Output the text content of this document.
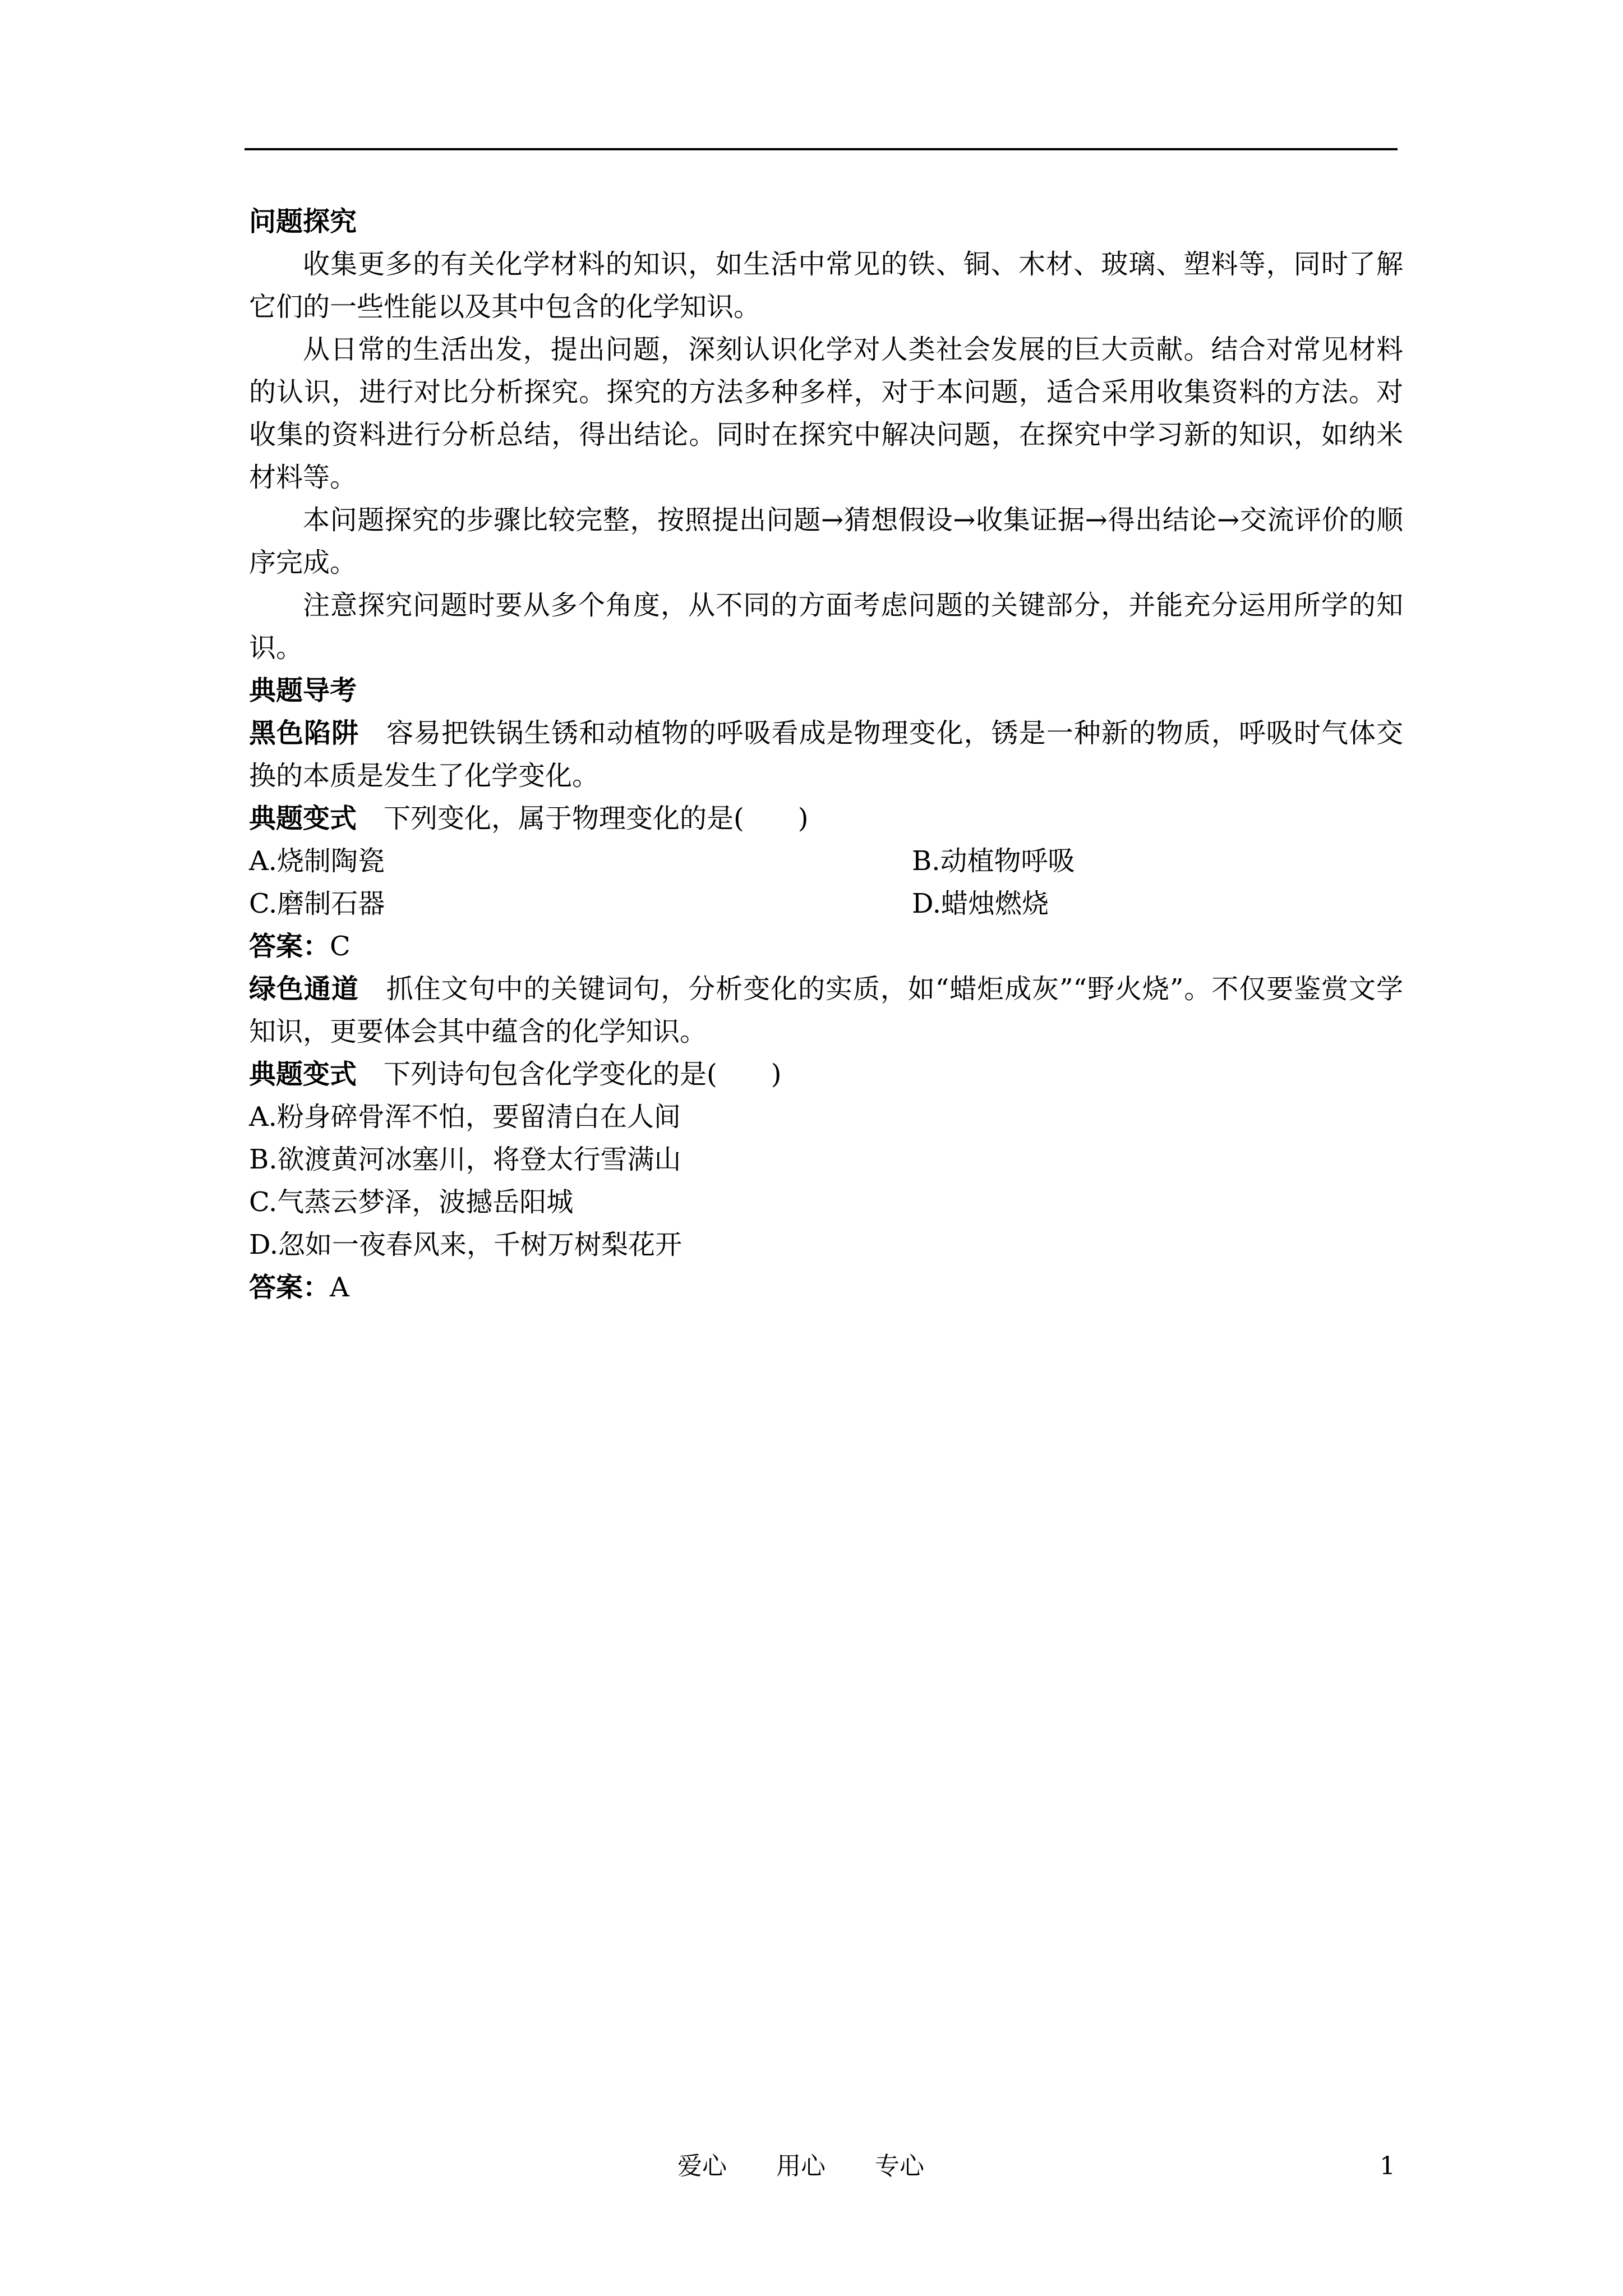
问题探究

收集更多的有关化学材料的知识，如生活中常见的铁、铜、木材、玻璃、塑料等，同时了解它们的一些性能以及其中包含的化学知识。

从日常的生活出发，提出问题，深刻认识化学对人类社会发展的巨大贡献。结合对常见材料的认识，进行对比分析探究。探究的方法多种多样，对于本问题，适合采用收集资料的方法。对收集的资料进行分析总结，得出结论。同时在探究中解决问题，在探究中学习新的知识，如纳米材料等。

本问题探究的步骤比较完整，按照提出问题→猜想假设→收集证据→得出结论→交流评价的顺序完成。

注意探究问题时要从多个角度，从不同的方面考虑问题的关键部分，并能充分运用所学的知识。

典题导考

黑色陷阱 容易把铁锅生锈和动植物的呼吸看成是物理变化，锈是一种新的物质，呼吸时气体交换的本质是发生了化学变化。

典题变式 下列变化，属于物理变化的是(　　)

A.烧制陶瓷	B.动植物呼吸
C.磨制石器	D.蜡烛燃烧

答案：C

绿色通道 抓住文句中的关键词句，分析变化的实质，如“蜡炬成灰”“野火烧”。不仅要鉴赏文学知识，更要体会其中蕴含的化学知识。

典题变式 下列诗句包含化学变化的是(　　)

A.粉身碎骨浑不怕，要留清白在人间

B.欲渡黄河冰塞川，将登太行雪满山

C.气蒸云梦泽，波撼岳阳城

D.忽如一夜春风来，千树万树梨花开

答案：A

爱心　　用心　　专心	1
